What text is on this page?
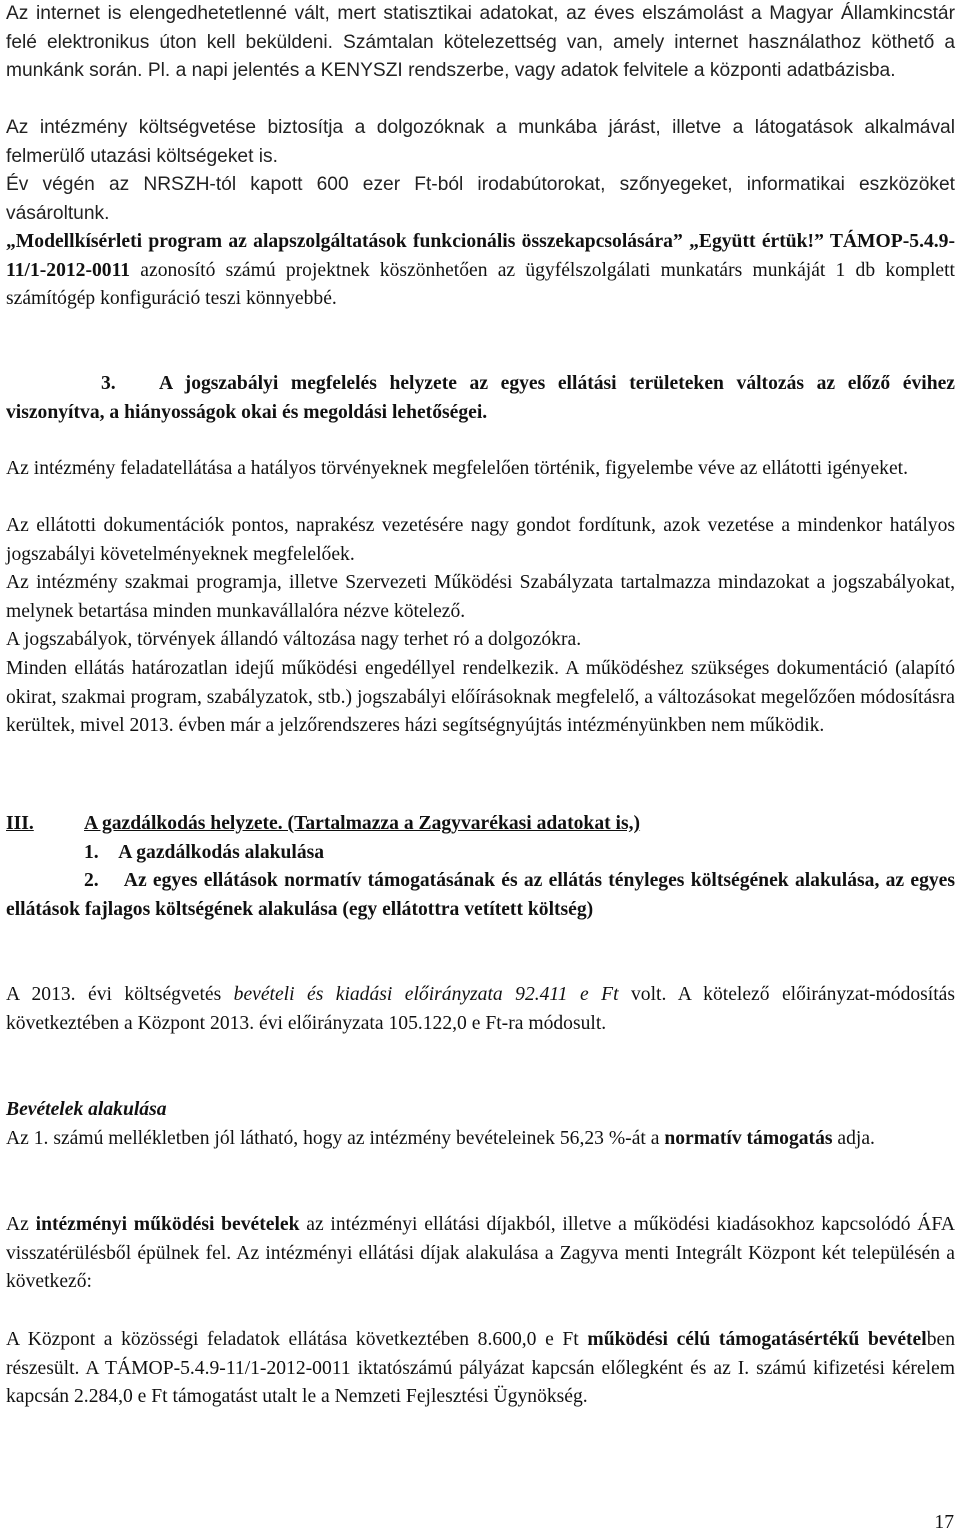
Az internet is elengedhetetlenné vált, mert statisztikai adatokat, az éves elszámolást a Magyar Államkincstár felé elektronikus úton kell beküldeni. Számtalan kötelezettség van, amely internet használathoz köthető a munkánk során. Pl. a napi jelentés a KENYSZI rendszerbe, vagy adatok felvitele a központi adatbázisba.

Az intézmény költségvetése biztosítja a dolgozóknak a munkába járást, illetve a látogatások alkalmával felmerülő utazási költségeket is.

Év végén az NRSZH-tól kapott 600 ezer Ft-ból irodabútorokat, szőnyegeket, informatikai eszközöket vásároltunk.

„Modellkísérleti program az alapszolgáltatások funkcionális összekapcsolására” „Együtt értük!” TÁMOP-5.4.9-11/1-2012-0011 azonosító számú projektnek köszönhetően az ügyfélszolgálati munkatárs munkáját 1 db komplett számítógép konfiguráció teszi könnyebbé.

3. A jogszabályi megfelelés helyzete az egyes ellátási területeken változás az előző évihez viszonyítva, a hiányosságok okai és megoldási lehetőségei.

Az intézmény feladatellátása a hatályos törvényeknek megfelelően történik, figyelembe véve az ellátotti igényeket.

Az ellátotti dokumentációk pontos, naprakész vezetésére nagy gondot fordítunk, azok vezetése a mindenkor hatályos jogszabályi követelményeknek megfelelőek.

Az intézmény szakmai programja, illetve Szervezeti Működési Szabályzata tartalmazza mindazokat a jogszabályokat, melynek betartása minden munkavállalóra nézve kötelező.

A jogszabályok, törvények állandó változása nagy terhet ró a dolgozókra.

Minden ellátás határozatlan idejű működési engedéllyel rendelkezik. A működéshez szükséges dokumentáció (alapító okirat, szakmai program, szabályzatok, stb.) jogszabályi előírásoknak megfelelő, a változásokat megelőzően módosításra kerültek, mivel 2013. évben már a jelzőrendszeres házi segítségnyújtás intézményünkben nem működik.

III.	A gazdálkodás helyzete. (Tartalmazza a Zagyvarékasi adatokat is,)

1.    A gazdálkodás alakulása

2.    Az egyes ellátások normatív támogatásának és az ellátás tényleges költségének alakulása, az egyes ellátások fajlagos költségének alakulása (egy ellátottra vetített költség)

A 2013. évi költségvetés bevételi és kiadási előirányzata 92.411 e Ft volt. A kötelező előirányzat-módosítás következtében a Központ 2013. évi előirányzata 105.122,0 e Ft-ra módosult.

Bevételek alakulása

Az 1. számú mellékletben jól látható, hogy az intézmény bevételeinek 56,23 %-át a normatív támogatás adja.

Az intézményi működési bevételek az intézményi ellátási díjakból, illetve a működési kiadásokhoz kapcsolódó ÁFA visszatérülésből épülnek fel. Az intézményi ellátási díjak alakulása a Zagyva menti Integrált Központ két településén a következő:

A Központ a közösségi feladatok ellátása következtében 8.600,0 e Ft működési célú támogatásértékű bevételben részesült. A TÁMOP-5.4.9-11/1-2012-0011 iktatószámú pályázat kapcsán előlegként és az I. számú kifizetési kérelem kapcsán 2.284,0 e Ft támogatást utalt le a Nemzeti Fejlesztési Ügynökség.

17
